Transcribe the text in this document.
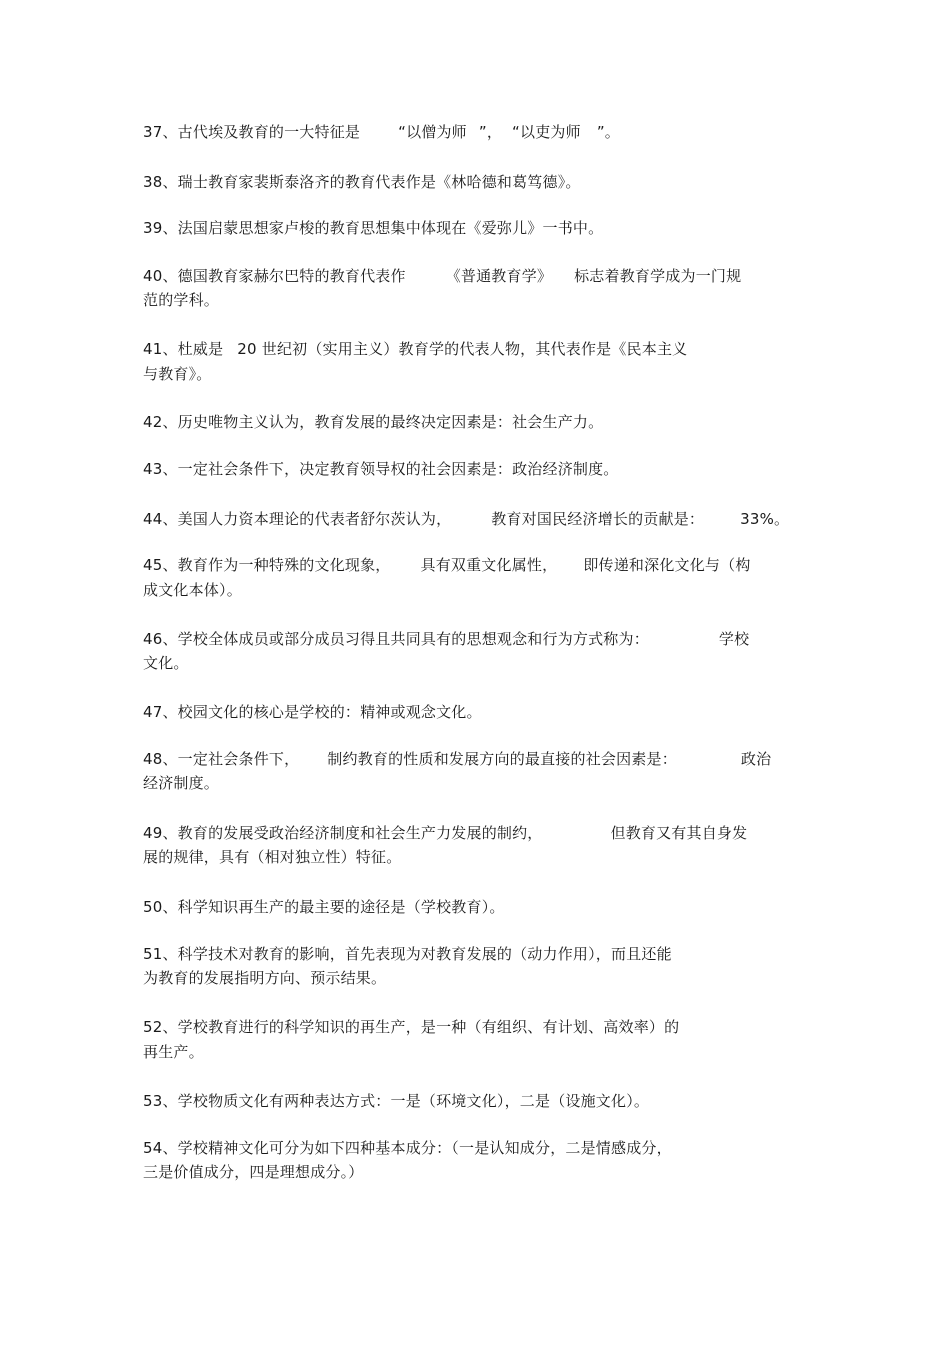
37、古代埃及教育的一大特征是	“以僧为师 ”， “以吏为师 ”。
38、瑞士教育家裴斯泰洛齐的教育代表作是《林哈德和葛笃德》。
39、法国启蒙思想家卢梭的教育思想集中体现在《爱弥儿》一书中。
40、德国教育家赫尔巴特的教育代表作	《普通教育学》 标志着教育学成为一门规
范的学科。
41、杜威是 20 世纪初（实用主义）教育学的代表人物，其代表作是《民本主义
与教育》。
42、历史唯物主义认为，教育发展的最终决定因素是：社会生产力。
43、一定社会条件下，决定教育领导权的社会因素是：政治经济制度。
44、美国人力资本理论的代表者舒尔茨认为，	教育对国民经济增长的贡献是： 33%。
45、教育作为一种特殊的文化现象， 具有双重文化属性， 即传递和深化文化与（构
成文化本体）。
46、学校全体成员或部分成员习得且共同具有的思想观念和行为方式称为：	学校
文化。
47、校园文化的核心是学校的：精神或观念文化。
48、一定社会条件下， 制约教育的性质和发展方向的最直接的社会因素是：	政治
经济制度。
49、教育的发展受政治经济制度和社会生产力发展的制约，	但教育又有其自身发
展的规律，具有（相对独立性）特征。
50、科学知识再生产的最主要的途径是（学校教育）。
51、科学技术对教育的影响，首先表现为对教育发展的（动力作用），而且还能
为教育的发展指明方向、预示结果。
52、学校教育进行的科学知识的再生产，是一种（有组织、有计划、高效率）的
再生产。
53、学校物质文化有两种表达方式：一是（环境文化），二是（设施文化）。
54、学校精神文化可分为如下四种基本成分：（一是认知成分，二是情感成分，
三是价值成分，四是理想成分。）
